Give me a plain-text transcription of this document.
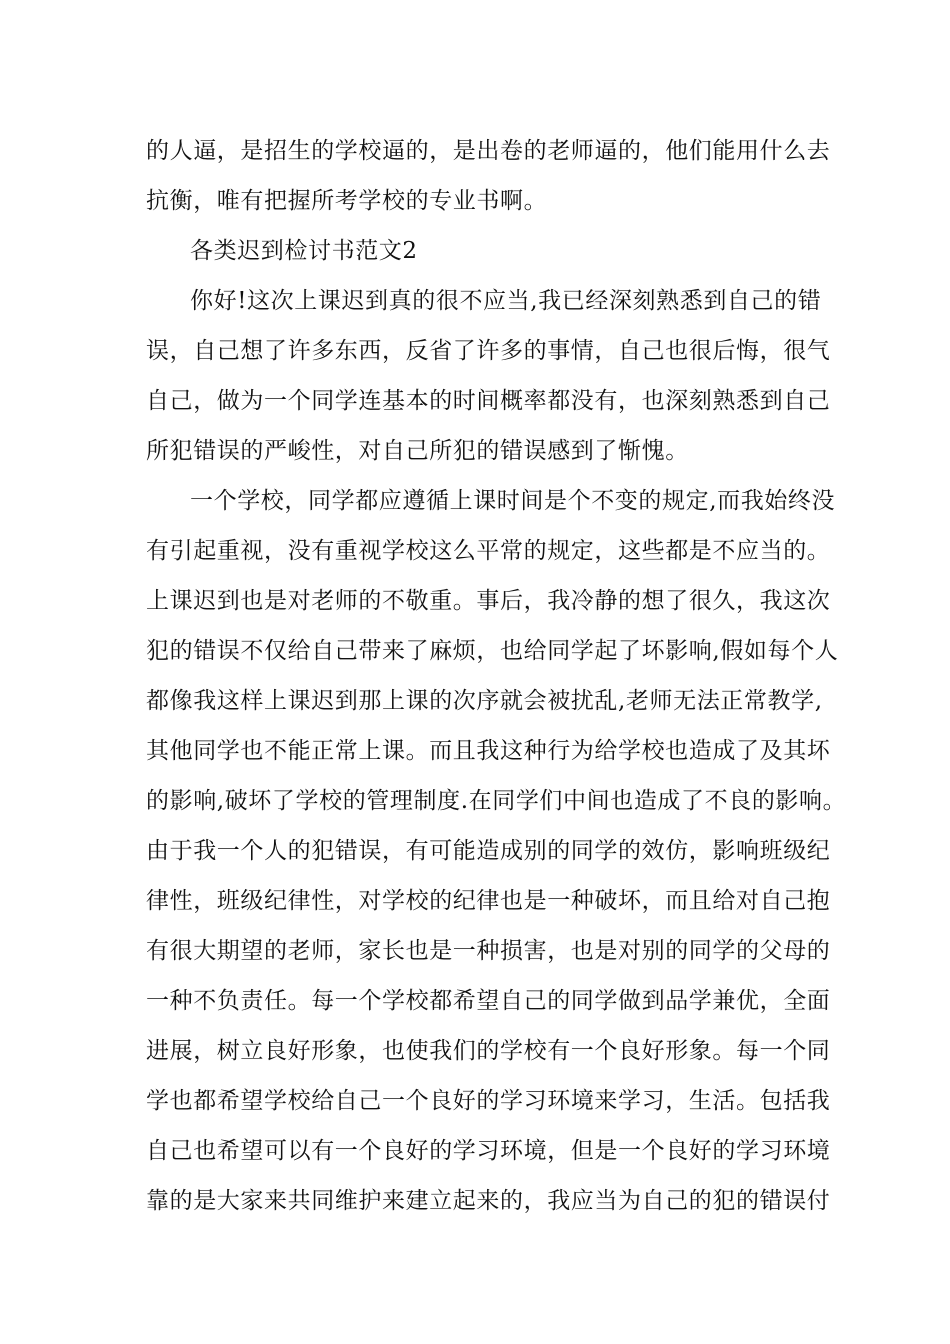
的人逼，是招生的学校逼的，是出卷的老师逼的，他们能用什么去
抗衡，唯有把握所考学校的专业书啊。
各类迟到检讨书范文2
你好!这次上课迟到真的很不应当,我已经深刻熟悉到自己的错
误，自己想了许多东西，反省了许多的事情，自己也很后悔，很气
自己，做为一个同学连基本的时间概率都没有，也深刻熟悉到自己
所犯错误的严峻性，对自己所犯的错误感到了惭愧。
一个学校，同学都应遵循上课时间是个不变的规定,而我始终没
有引起重视，没有重视学校这么平常的规定，这些都是不应当的。
上课迟到也是对老师的不敬重。事后，我冷静的想了很久，我这次
犯的错误不仅给自己带来了麻烦，也给同学起了坏影响,假如每个人
都像我这样上课迟到那上课的次序就会被扰乱,老师无法正常教学,
其他同学也不能正常上课。而且我这种行为给学校也造成了及其坏
的影响,破坏了学校的管理制度.在同学们中间也造成了不良的影响。
由于我一个人的犯错误，有可能造成别的同学的效仿，影响班级纪
律性，班级纪律性，对学校的纪律也是一种破坏，而且给对自己抱
有很大期望的老师，家长也是一种损害，也是对别的同学的父母的
一种不负责任。每一个学校都希望自己的同学做到品学兼优，全面
进展，树立良好形象，也使我们的学校有一个良好形象。每一个同
学也都希望学校给自己一个良好的学习环境来学习，生活。包括我
自己也希望可以有一个良好的学习环境，但是一个良好的学习环境
靠的是大家来共同维护来建立起来的，我应当为自己的犯的错误付
